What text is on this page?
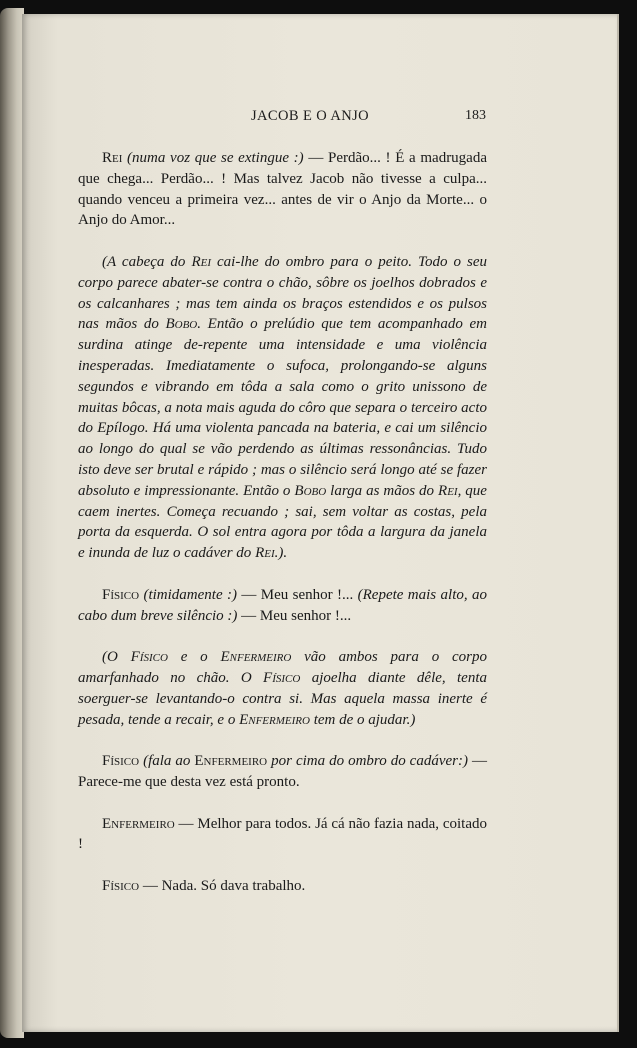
JACOB E O ANJO	183

Rei (numa voz que se extingue :) — Perdão... ! É a madrugada que chega... Perdão... ! Mas talvez Jacob não tivesse a culpa... quando venceu a primeira vez... antes de vir o Anjo da Morte... o Anjo do Amor...

(A cabeça do Rei cai-lhe do ombro para o peito. Todo o seu corpo parece abater-se contra o chão, sôbre os joelhos dobrados e os calcanhares ; mas tem ainda os braços estendidos e os pulsos nas mãos do Bobo. Então o prelúdio que tem acompanhado em surdina atinge de-repente uma intensidade e uma violência inesperadas. Imediatamente o sufoca, prolongando-se alguns segundos e vibrando em tôda a sala como o grito unissono de muitas bôcas, a nota mais aguda do côro que separa o terceiro acto do Epílogo. Há uma violenta pancada na bateria, e cai um silêncio ao longo do qual se vão perdendo as últimas ressonâncias. Tudo isto deve ser brutal e rápido ; mas o silêncio será longo até se fazer absoluto e impressionante. Então o Bobo larga as mãos do Rei, que caem inertes. Começa recuando ; sai, sem voltar as costas, pela porta da esquerda. O sol entra agora por tôda a largura da janela e inunda de luz o cadáver do Rei.).

Físico (timidamente :) — Meu senhor !... (Repete mais alto, ao cabo dum breve silêncio :) — Meu senhor !...

(O Físico e o Enfermeiro vão ambos para o corpo amarfanhado no chão. O Físico ajoelha diante dêle, tenta soerguer-se levantando-o contra si. Mas aquela massa inerte é pesada, tende a recair, e o Enfermeiro tem de o ajudar.)

Físico (fala ao Enfermeiro por cima do ombro do cadáver:) — Parece-me que desta vez está pronto.

Enfermeiro — Melhor para todos. Já cá não fazia nada, coitado !

Físico — Nada. Só dava trabalho.
